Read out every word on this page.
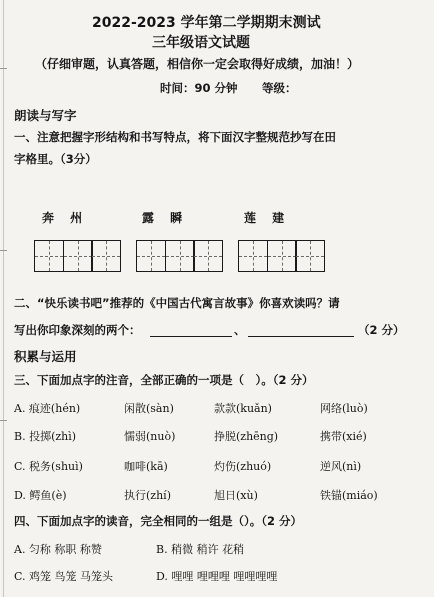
2022-2023 学年第二学期期末测试
三年级语文试题
（仔细审题，认真答题，相信你一定会取得好成绩，加油！）
时间：90 分钟 等级：
朗读与写字
一、注意把握字形结构和书写特点，将下面汉字整规范抄写在田
字格里。（3分）
奔 州	露 瞬	莲 建
二、“快乐读书吧”推荐的《中国古代寓言故事》你喜欢读吗？请
写出你印象深刻的两个：	、	（2 分）
积累与运用
三、下面加点字的注音，全部正确的一项是（　）。（2 分）
A. 痕迹(hén)	闲散(sàn)	款款(kuǎn)	网络(luò)
B. 投掷(zhì)	懦弱(nuò)	挣脱(zhēng)	携带(xié)
C. 税务(shuì)	咖啡(kā)	灼伤(zhuó)	逆风(nì)
D. 鳄鱼(è)	执行(zhí)	旭日(xù)	铁锚(miáo)
四、下面加点字的读音，完全相同的一组是（）。（2 分）
A. 匀称 称职 称赞	B. 稍微 稍许 花稍
C. 鸡笼 鸟笼 马笼头	D. 哩哩 哩哩哩 哩哩哩哩
